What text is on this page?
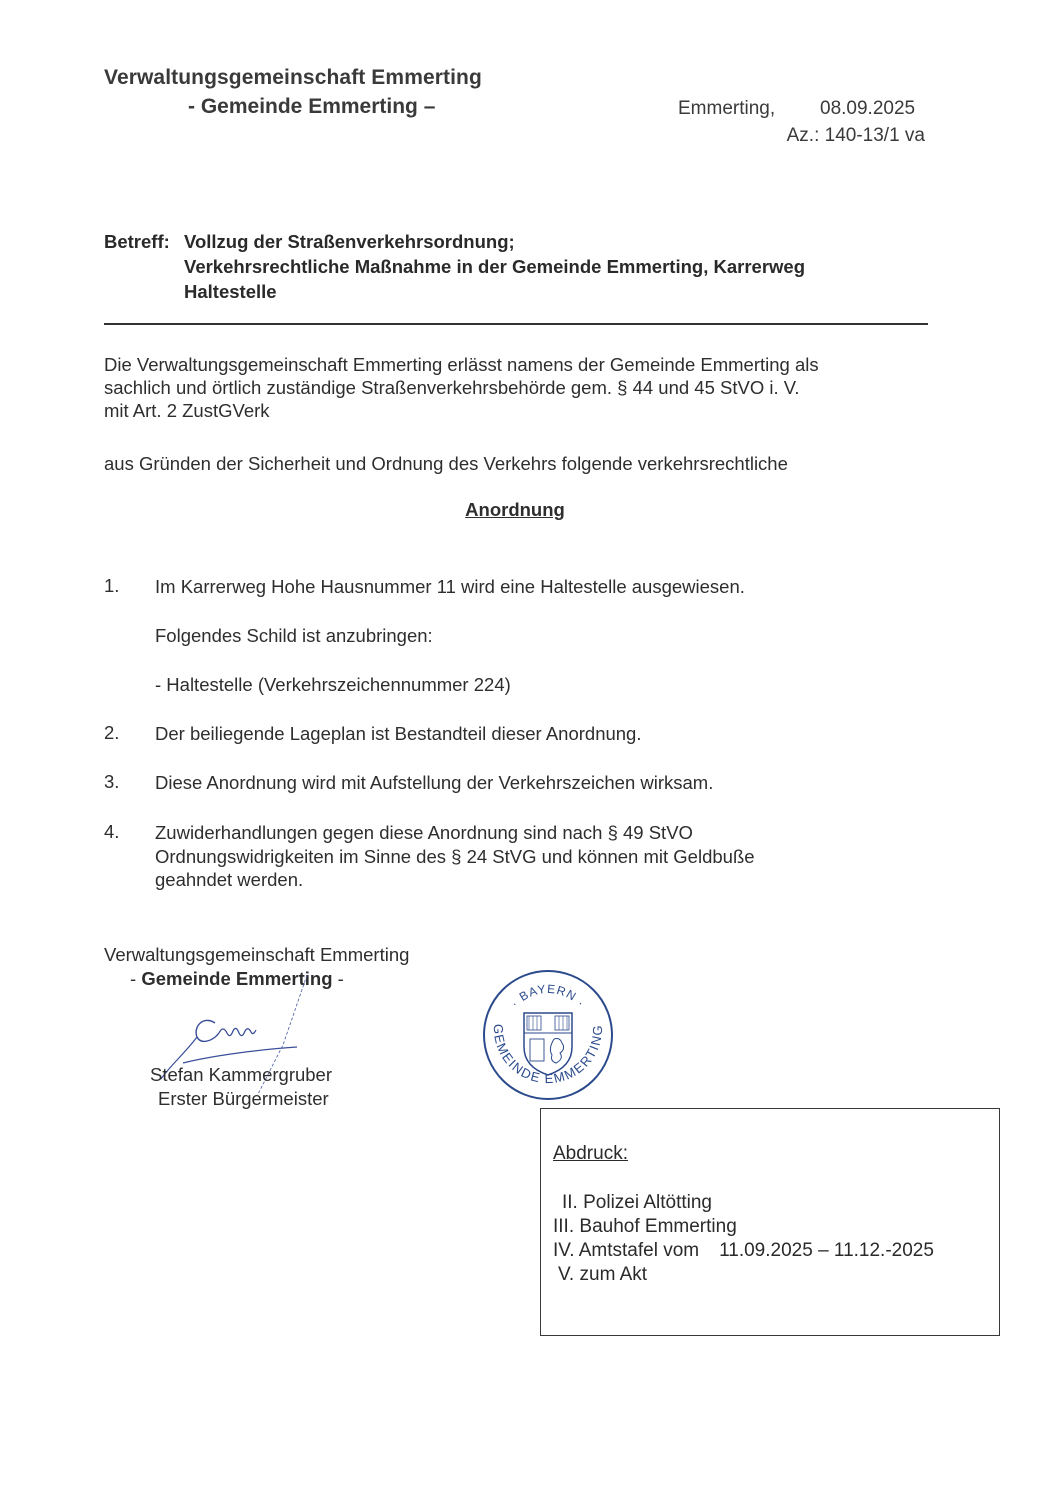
Verwaltungsgemeinschaft Emmerting
- Gemeinde Emmerting –	Emmerting, 08.09.2025
Az.: 140-13/1 va
Betreff: Vollzug der Straßenverkehrsordnung;
Verkehrsrechtliche Maßnahme in der Gemeinde Emmerting, Karrerweg
Haltestelle
Die Verwaltungsgemeinschaft Emmerting erlässt namens der Gemeinde Emmerting als
sachlich und örtlich zuständige Straßenverkehrsbehörde gem. § 44 und 45 StVO i. V.
mit Art. 2 ZustGVerk
aus Gründen der Sicherheit und Ordnung des Verkehrs folgende verkehrsrechtliche
Anordnung
1. Im Karrerweg Hohe Hausnummer 11 wird eine Haltestelle ausgewiesen.
Folgendes Schild ist anzubringen:
- Haltestelle (Verkehrszeichennummer 224)
2. Der beiliegende Lageplan ist Bestandteil dieser Anordnung.
3. Diese Anordnung wird mit Aufstellung der Verkehrszeichen wirksam.
4. Zuwiderhandlungen gegen diese Anordnung sind nach § 49 StVO
Ordnungswidrigkeiten im Sinne des § 24 StVG und können mit Geldbuße
geahndet werden.
Verwaltungsgemeinschaft Emmerting
- Gemeinde Emmerting -
Stefan Kammergruber
Erster Bürgermeister
· BAYERN ·
GEMEINDE EMMERTING
Abdruck:
II. Polizei Altötting
III. Bauhof Emmerting
IV. Amtstafel vom 11.09.2025 – 11.12.-2025
V. zum Akt
